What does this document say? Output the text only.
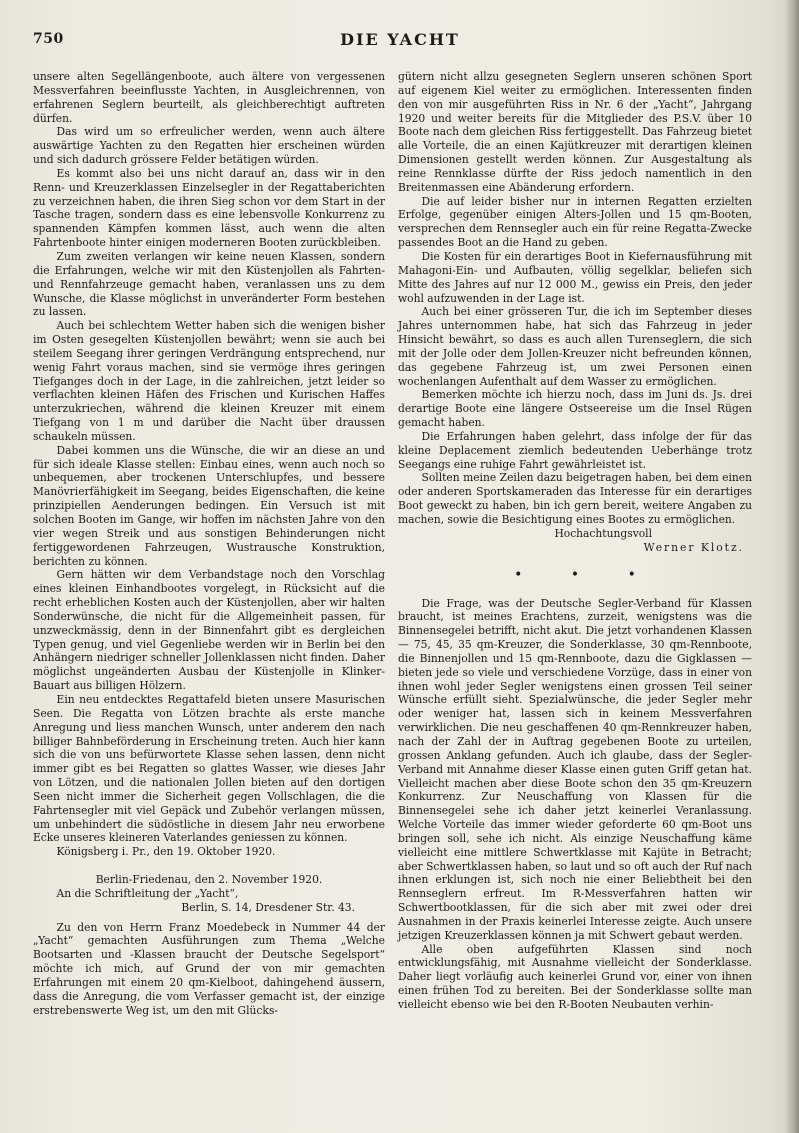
750	DIE YACHT

unsere alten Segellängenboote, auch ältere von vergessenen Messverfahren beeinflusste Yachten, in Ausgleichrennen, von erfahrenen Seglern beurteilt, als gleichberechtigt auftreten dürfen.

Das wird um so erfreulicher werden, wenn auch ältere auswärtige Yachten zu den Regatten hier erscheinen würden und sich dadurch grössere Felder betätigen würden.

Es kommt also bei uns nicht darauf an, dass wir in den Renn- und Kreuzerklassen Einzelsegler in der Regattaberichten zu verzeichnen haben, die ihren Sieg schon vor dem Start in der Tasche tragen, sondern dass es eine lebensvolle Konkurrenz zu spannenden Kämpfen kommen lässt, auch wenn die alten Fahrtenboote hinter einigen moderneren Booten zurückbleiben.

Zum zweiten verlangen wir keine neuen Klassen, sondern die Erfahrungen, welche wir mit den Küstenjollen als Fahrten- und Rennfahrzeuge gemacht haben, veranlassen uns zu dem Wunsche, die Klasse möglichst in unveränderter Form bestehen zu lassen.

Auch bei schlechtem Wetter haben sich die wenigen bisher im Osten gesegelten Küstenjollen bewährt; wenn sie auch bei steilem Seegang ihrer geringen Verdrängung entsprechend, nur wenig Fahrt voraus machen, sind sie vermöge ihres geringen Tiefganges doch in der Lage, in die zahlreichen, jetzt leider so verflachten kleinen Häfen des Frischen und Kurischen Haffes unterzukriechen, während die kleinen Kreuzer mit einem Tiefgang von 1 m und darüber die Nacht über draussen schaukeln müssen.

Dabei kommen uns die Wünsche, die wir an diese an und für sich ideale Klasse stellen: Einbau eines, wenn auch noch so unbequemen, aber trockenen Unterschlupfes, und bessere Manövrierfähigkeit im Seegang, beides Eigenschaften, die keine prinzipiellen Aenderungen bedingen. Ein Versuch ist mit solchen Booten im Gange, wir hoffen im nächsten Jahre von den vier wegen Streik und aus sonstigen Behinderungen nicht fertiggewordenen Fahrzeugen, Wustrausche Konstruktion, berichten zu können.

Gern hätten wir dem Verbandstage noch den Vorschlag eines kleinen Einhandbootes vorgelegt, in Rücksicht auf die recht erheblichen Kosten auch der Küstenjollen, aber wir halten Sonderwünsche, die nicht für die Allgemeinheit passen, für unzweckmässig, denn in der Binnenfahrt gibt es dergleichen Typen genug, und viel Gegenliebe werden wir in Berlin bei den Anhängern niedriger schneller Jollenklassen nicht finden. Daher möglichst ungeänderten Ausbau der Küstenjolle in Klinker-Bauart aus billigen Hölzern.

Ein neu entdecktes Regattafeld bieten unsere Masurischen Seen. Die Regatta von Lötzen brachte als erste manche Anregung und liess manchen Wunsch, unter anderem den nach billiger Bahnbeförderung in Erscheinung treten. Auch hier kann sich die von uns befürwortete Klasse sehen lassen, denn nicht immer gibt es bei Regatten so glattes Wasser, wie dieses Jahr von Lötzen, und die nationalen Jollen bieten auf den dortigen Seen nicht immer die Sicherheit gegen Vollschlagen, die die Fahrtensegler mit viel Gepäck und Zubehör verlangen müssen, um unbehindert die südöstliche in diesem Jahr neu erworbene Ecke unseres kleineren Vaterlandes geniessen zu können.

Königsberg i. Pr., den 19. Oktober 1920.

Berlin-Friedenau, den 2. November 1920.

An die Schriftleitung der „Yacht“,

Berlin, S. 14, Dresdener Str. 43.

Zu den von Herrn Franz Moedebeck in Nummer 44 der „Yacht“ gemachten Ausführungen zum Thema „Welche Bootsarten und -Klassen braucht der Deutsche Segelsport“ möchte ich mich, auf Grund der von mir gemachten Erfahrungen mit einem 20 qm-Kielboot, dahingehend äussern, dass die Anregung, die vom Verfasser gemacht ist, der einzige erstrebenswerte Weg ist, um den mit Glücks-

gütern nicht allzu gesegneten Seglern unseren schönen Sport auf eigenem Kiel weiter zu ermöglichen. Interessenten finden den von mir ausgeführten Riss in Nr. 6 der „Yacht“, Jahrgang 1920 und weiter bereits für die Mitglieder des P.S.V. über 10 Boote nach dem gleichen Riss fertiggestellt. Das Fahrzeug bietet alle Vorteile, die an einen Kajütkreuzer mit derartigen kleinen Dimensionen gestellt werden können. Zur Ausgestaltung als reine Rennklasse dürfte der Riss jedoch namentlich in den Breitenmassen eine Abänderung erfordern.

Die auf leider bisher nur in internen Regatten erzielten Erfolge, gegenüber einigen Alters-Jollen und 15 qm-Booten, versprechen dem Rennsegler auch ein für reine Regatta-Zwecke passendes Boot an die Hand zu geben.

Die Kosten für ein derartiges Boot in Kiefernausführung mit Mahagoni-Ein- und Aufbauten, völlig segelklar, beliefen sich Mitte des Jahres auf nur 12 000 M., gewiss ein Preis, den jeder wohl aufzuwenden in der Lage ist.

Auch bei einer grösseren Tur, die ich im September dieses Jahres unternommen habe, hat sich das Fahrzeug in jeder Hinsicht bewährt, so dass es auch allen Turenseglern, die sich mit der Jolle oder dem Jollen-Kreuzer nicht befreunden können, das gegebene Fahrzeug ist, um zwei Personen einen wochenlangen Aufenthalt auf dem Wasser zu ermöglichen.

Bemerken möchte ich hierzu noch, dass im Juni ds. Js. drei derartige Boote eine längere Ostseereise um die Insel Rügen gemacht haben.

Die Erfahrungen haben gelehrt, dass infolge der für das kleine Deplacement ziemlich bedeutenden Ueberhänge trotz Seegangs eine ruhige Fahrt gewährleistet ist.

Sollten meine Zeilen dazu beigetragen haben, bei dem einen oder anderen Sportskameraden das Interesse für ein derartiges Boot geweckt zu haben, bin ich gern bereit, weitere Angaben zu machen, sowie die Besichtigung eines Bootes zu ermöglichen.

Hochachtungsvoll

Werner Klotz.

• • •

Die Frage, was der Deutsche Segler-Verband für Klassen braucht, ist meines Erachtens, zurzeit, wenigstens was die Binnensegelei betrifft, nicht akut. Die jetzt vorhandenen Klassen — 75, 45, 35 qm-Kreuzer, die Sonderklasse, 30 qm-Rennboote, die Binnenjollen und 15 qm-Rennboote, dazu die Gigklassen — bieten jede so viele und verschiedene Vorzüge, dass in einer von ihnen wohl jeder Segler wenigstens einen grossen Teil seiner Wünsche erfüllt sieht. Spezialwünsche, die jeder Segler mehr oder weniger hat, lassen sich in keinem Messverfahren verwirklichen. Die neu geschaffenen 40 qm-Rennkreuzer haben, nach der Zahl der in Auftrag gegebenen Boote zu urteilen, grossen Anklang gefunden. Auch ich glaube, dass der Segler-Verband mit Annahme dieser Klasse einen guten Griff getan hat. Vielleicht machen aber diese Boote schon den 35 qm-Kreuzern Konkurrenz. Zur Neuschaffung von Klassen für die Binnensegelei sehe ich daher jetzt keinerlei Veranlassung. Welche Vorteile das immer wieder geforderte 60 qm-Boot uns bringen soll, sehe ich nicht. Als einzige Neuschaffung käme vielleicht eine mittlere Schwertklasse mit Kajüte in Betracht; aber Schwertklassen haben, so laut und so oft auch der Ruf nach ihnen erklungen ist, sich noch nie einer Beliebtheit bei den Rennseglern erfreut. Im R-Messverfahren hatten wir Schwertbootklassen, für die sich aber mit zwei oder drei Ausnahmen in der Praxis keinerlei Interesse zeigte. Auch unsere jetzigen Kreuzerklassen können ja mit Schwert gebaut werden.

Alle oben aufgeführten Klassen sind noch entwicklungsfähig, mit Ausnahme vielleicht der Sonderklasse. Daher liegt vorläufig auch keinerlei Grund vor, einer von ihnen einen frühen Tod zu bereiten. Bei der Sonderklasse sollte man vielleicht ebenso wie bei den R-Booten Neubauten verhin-
